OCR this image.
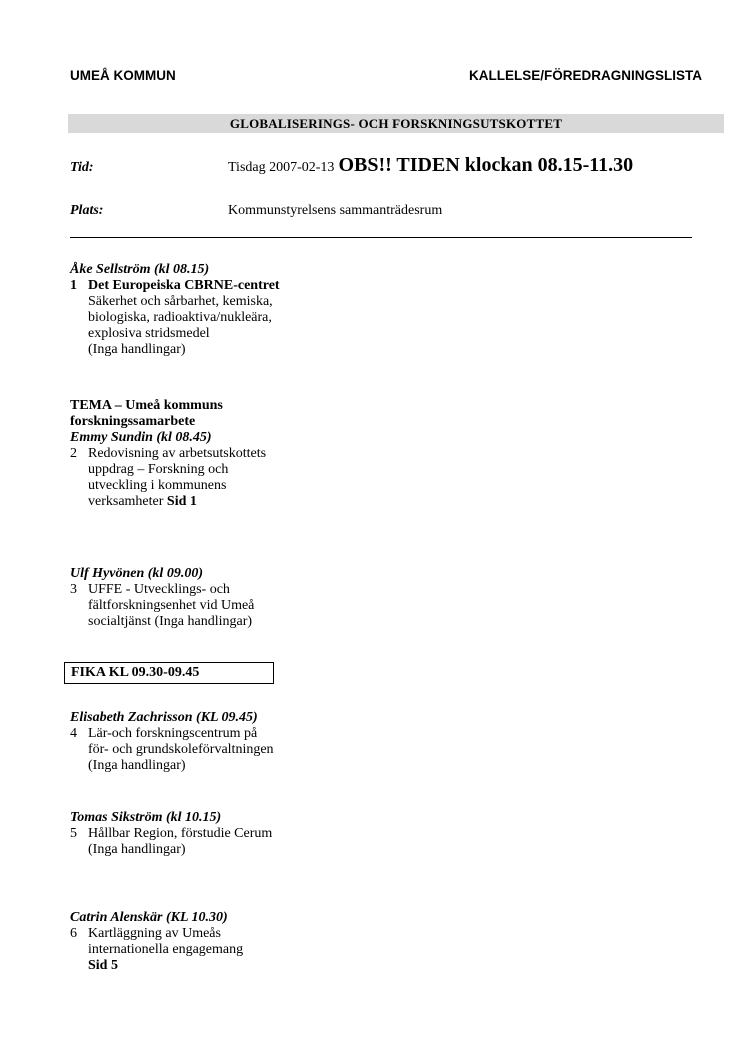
UMEÅ KOMMUN	KALLELSE/FÖREDRAGNINGSLISTA
GLOBALISERINGS- OCH FORSKNINGSUTSKOTTET
Tid:	Tisdag 2007-02-13 OBS!! TIDEN klockan 08.15-11.30
Plats:	Kommunstyrelsens sammanträdesrum
Åke Sellström (kl 08.15)
1 Det Europeiska CBRNE-centret
Säkerhet och sårbarhet, kemiska,
biologiska, radioaktiva/nukleära,
explosiva stridsmedel
(Inga handlingar)
TEMA – Umeå kommuns
forskningssamarbete
Emmy Sundin (kl 08.45)
2 Redovisning av arbetsutskottets
uppdrag – Forskning och
utveckling i kommunens
verksamheter Sid 1
Ulf Hyvönen (kl 09.00)
3 UFFE - Utvecklings- och
fältforskningsenhet vid Umeå
socialtjänst (Inga handlingar)
FIKA KL 09.30-09.45
Elisabeth Zachrisson (KL 09.45)
4 Lär-och forskningscentrum på
för- och grundskoleförvaltningen
(Inga handlingar)
Tomas Sikström (kl 10.15)
5 Hållbar Region, förstudie Cerum
(Inga handlingar)
Catrin Alenskär (KL 10.30)
6 Kartläggning av Umeås
internationella engagemang
Sid 5
